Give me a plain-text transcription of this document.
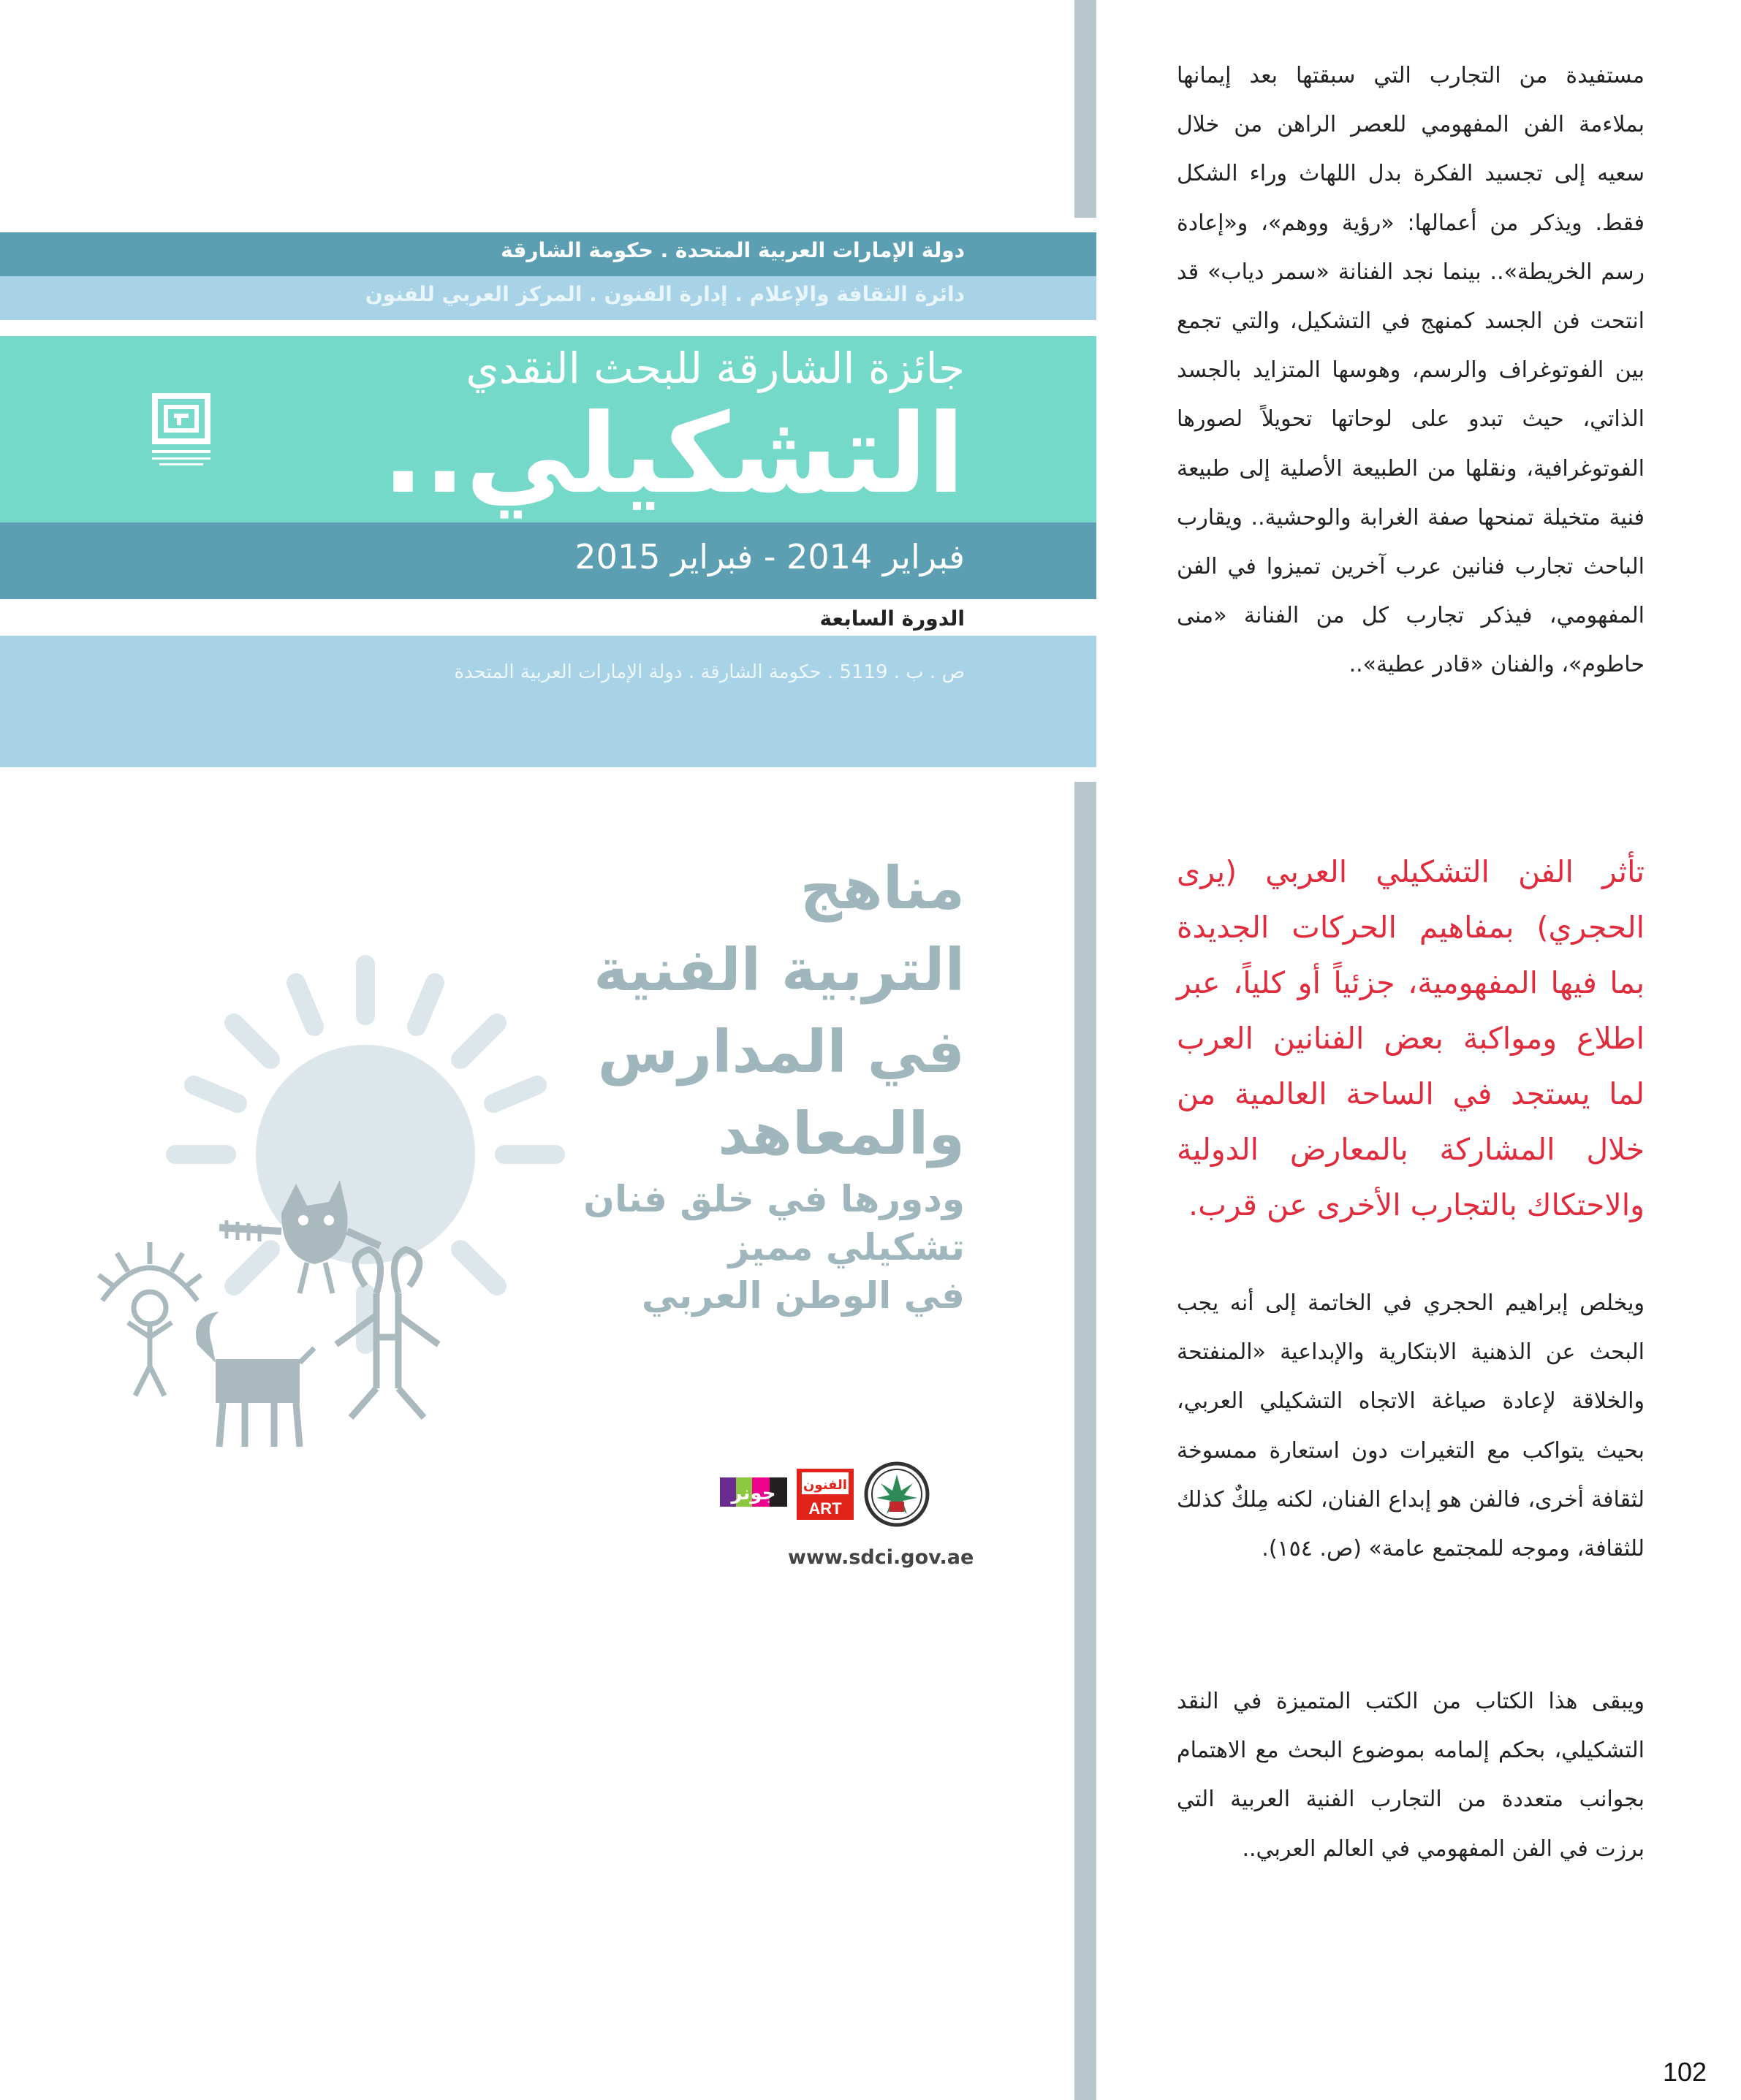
دولة الإمارات العربية المتحدة . حكومة الشارقة
دائرة الثقافة والإعلام . إدارة الفنون . المركز العربي للفنون
جائزة الشارقة للبحث النقدي
التشكيلي..
فبراير 2014 - فبراير 2015
الدورة السابعة
ص . ب . 5119 . حكومة الشارقة . دولة الإمارات العربية المتحدة
مناهج
التربية الفنية
في المدارس
والمعاهد
ودورها في خلق فنان
تشكيلي مميز
في الوطن العربي
جونر الفنون
ART
www.sdci.gov.ae

مستفيدة من التجارب التي سبقتها بعد إيمانها بملاءمة الفن المفهومي للعصر الراهن من خلال سعيه إلى تجسيد الفكرة بدل اللهاث وراء الشكل فقط. ويذكر من أعمالها: «رؤية ووهم»، و«إعادة رسم الخريطة».. بينما نجد الفنانة «سمر دياب» قد انتحت فن الجسد كمنهج في التشكيل، والتي تجمع بين الفوتوغراف والرسم، وهوسها المتزايد بالجسد الذاتي، حيث تبدو على لوحاتها تحويلاً لصورها الفوتوغرافية، ونقلها من الطبيعة الأصلية إلى طبيعة فنية متخيلة تمنحها صفة الغرابة والوحشية.. ويقارب الباحث تجارب فنانين عرب آخرين تميزوا في الفن المفهومي، فيذكر تجارب كل من الفنانة «منى حاطوم»، والفنان «قادر عطية»..

تأثر الفن التشكيلي العربي (يرى الحجري) بمفاهيم الحركات الجديدة بما فيها المفهومية، جزئياً أو كلياً، عبر اطلاع ومواكبة بعض الفنانين العرب لما يستجد في الساحة العالمية من خلال المشاركة بالمعارض الدولية والاحتكاك بالتجارب الأخرى عن قرب.

ويخلص إبراهيم الحجري في الخاتمة إلى أنه يجب البحث عن الذهنية الابتكارية والإبداعية «المنفتحة والخلاقة لإعادة صياغة الاتجاه التشكيلي العربي، بحيث يتواكب مع التغيرات دون استعارة ممسوخة لثقافة أخرى، فالفن هو إبداع الفنان، لكنه مِلكٌ كذلك للثقافة، وموجه للمجتمع عامة» (ص. ١٥٤).

ويبقى هذا الكتاب من الكتب المتميزة في النقد التشكيلي، بحكم إلمامه بموضوع البحث مع الاهتمام بجوانب متعددة من التجارب الفنية العربية التي برزت في الفن المفهومي في العالم العربي..

102
